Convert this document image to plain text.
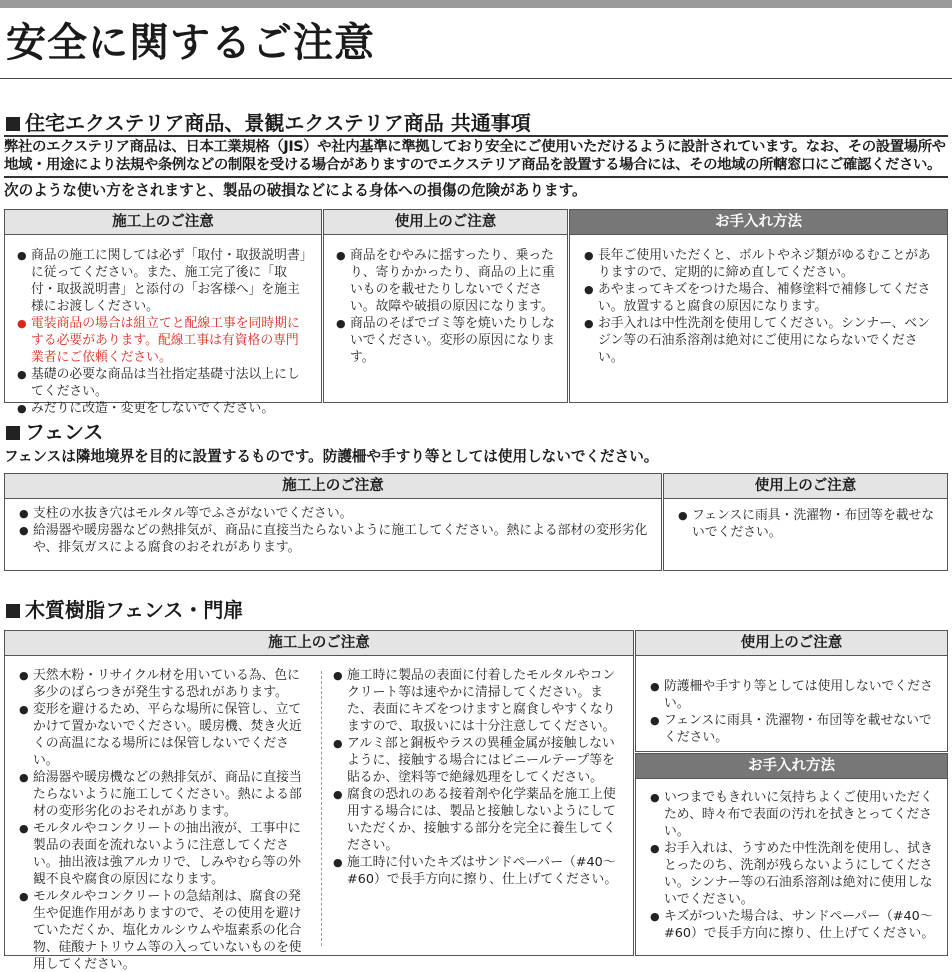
安全に関するご注意
住宅エクステリア商品、景観エクステリア商品 共通事項
弊社のエクステリア商品は、日本工業規格（JIS）や社内基準に準拠しており安全にご使用いただけるように設計されています。なお、その設置場所や
地域・用途により法規や条例などの制限を受ける場合がありますのでエクステリア商品を設置する場合には、その地域の所轄窓口にご確認ください。
次のような使い方をされますと、製品の破損などによる身体への損傷の危険があります。
施工上のご注意
● 商品の施工に関しては必ず「取付・取扱説明書」に従ってください。また、施工完了後に「取付・取扱説明書」と添付の「お客様へ」を施主様にお渡しください。
● 電装商品の場合は組立てと配線工事を同時期にする必要があります。配線工事は有資格の専門業者にご依頼ください。
● 基礎の必要な商品は当社指定基礎寸法以上にしてください。
● みだりに改造・変更をしないでください。
使用上のご注意
● 商品をむやみに揺すったり、乗ったり、寄りかかったり、商品の上に重いものを載せたりしないでください。故障や破損の原因になります。
● 商品のそばでゴミ等を焼いたりしないでください。変形の原因になります。
お手入れ方法
● 長年ご使用いただくと、ボルトやネジ類がゆるむことがありますので、定期的に締め直してください。
● あやまってキズをつけた場合、補修塗料で補修してください。放置すると腐食の原因になります。
● お手入れは中性洗剤を使用してください。シンナー、ベンジン等の石油系溶剤は絶対にご使用にならないでください。
フェンス
フェンスは隣地境界を目的に設置するものです。防護柵や手すり等としては使用しないでください。
施工上のご注意
● 支柱の水抜き穴はモルタル等でふさがないでください。
● 給湯器や暖房器などの熱排気が、商品に直接当たらないように施工してください。熱による部材の変形劣化や、排気ガスによる腐食のおそれがあります。
使用上のご注意
● フェンスに雨具・洗濯物・布団等を載せないでください。
木質樹脂フェンス・門扉
施工上のご注意
● 天然木粉・リサイクル材を用いている為、色に多少のばらつきが発生する恐れがあります。
● 変形を避けるため、平らな場所に保管し、立てかけて置かないでください。暖房機、焚き火近くの高温になる場所には保管しないでください。
● 給湯器や暖房機などの熱排気が、商品に直接当たらないように施工してください。熱による部材の変形劣化のおそれがあります。
● モルタルやコンクリートの抽出液が、工事中に製品の表面を流れないように注意してください。抽出液は強アルカリで、しみやむら等の外観不良や腐食の原因になります。
● モルタルやコンクリートの急結剤は、腐食の発生や促進作用がありますので、その使用を避けていただくか、塩化カルシウムや塩素系の化合物、硅酸ナトリウム等の入っていないものを使用してください。
● 施工時に製品の表面に付着したモルタルやコンクリート等は速やかに清掃してください。また、表面にキズをつけますと腐食しやすくなりますので、取扱いには十分注意してください。
● アルミ部と銅板やラスの異種金属が接触しないように、接触する場合にはビニールテープ等を貼るか、塗料等で絶縁処理をしてください。
● 腐食の恐れのある接着剤や化学薬品を施工上使用する場合には、製品と接触しないようにしていただくか、接触する部分を完全に養生してください。
● 施工時に付いたキズはサンドペーパー（#40～#60）で長手方向に擦り、仕上げてください。
使用上のご注意
● 防護柵や手すり等としては使用しないでください。
● フェンスに雨具・洗濯物・布団等を載せないでください。
お手入れ方法
● いつまでもきれいに気持ちよくご使用いただくため、時々布で表面の汚れを拭きとってください。
● お手入れは、うすめた中性洗剤を使用し、拭きとったのち、洗剤が残らないようにしてください。シンナー等の石油系溶剤は絶対に使用しないでください。
● キズがついた場合は、サンドペーパー（#40～#60）で長手方向に擦り、仕上げてください。
